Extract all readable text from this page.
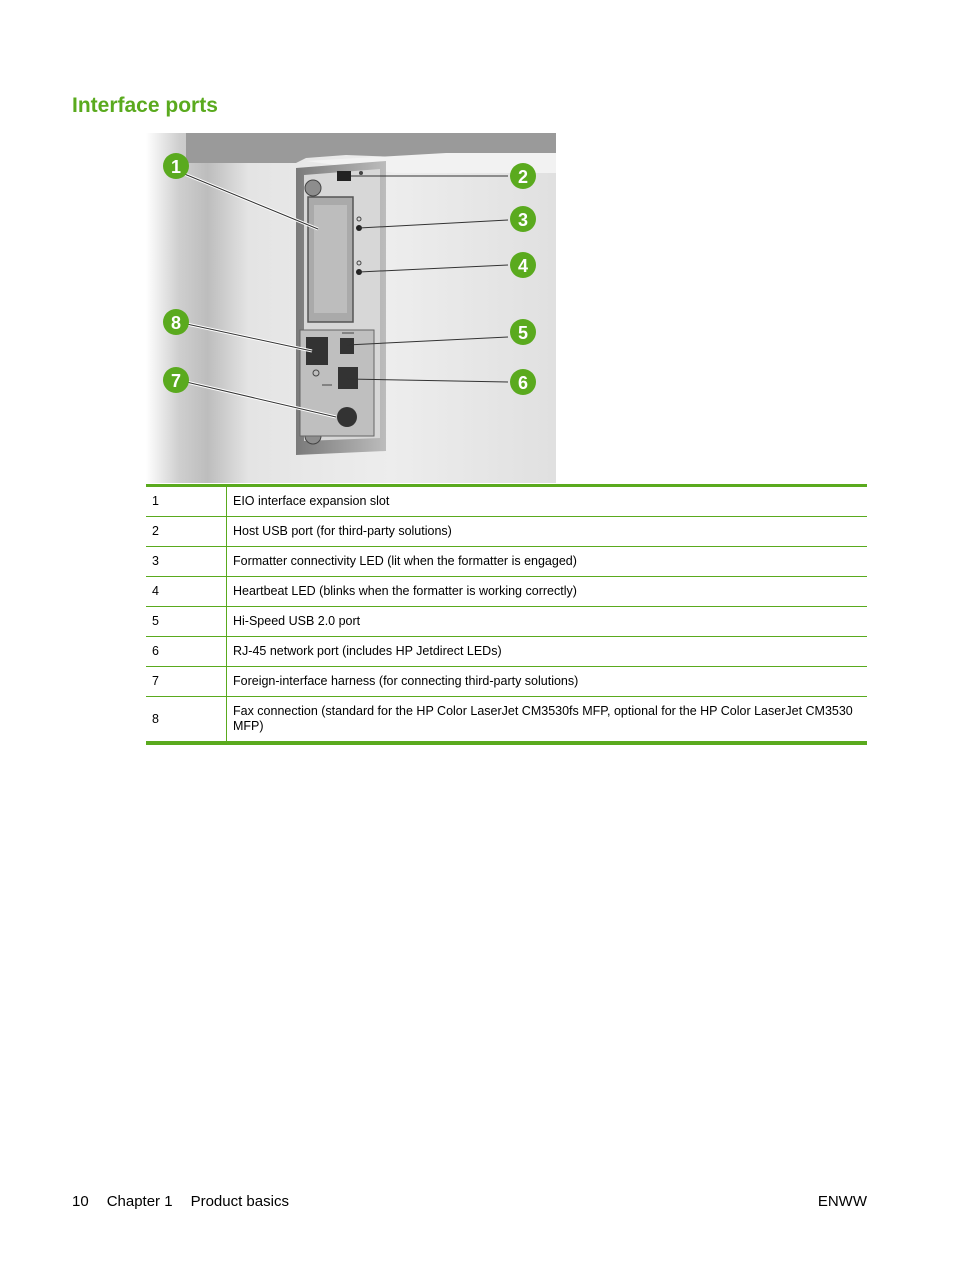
Interface ports
1	2
3
4
5
6
7
8
1	EIO interface expansion slot
2	Host USB port (for third-party solutions)
3	Formatter connectivity LED (lit when the formatter is engaged)
4	Heartbeat LED (blinks when the formatter is working correctly)
5	Hi-Speed USB 2.0 port
6	RJ-45 network port (includes HP Jetdirect LEDs)
7	Foreign-interface harness (for connecting third-party solutions)
8	Fax connection (standard for the HP Color LaserJet CM3530fs MFP, optional for the HP Color LaserJet CM3530 MFP)
10 Chapter 1 Product basics	ENWW
